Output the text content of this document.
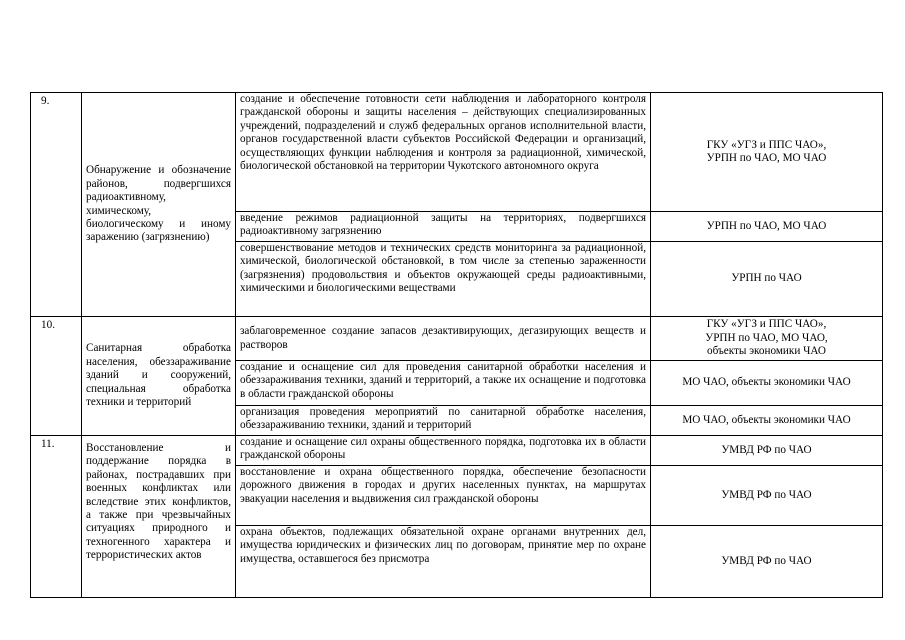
9.	Обнаружение и обозначение районов, подвергшихся радиоактивному, химическому, биологическому и иному заражению (загрязнению)	создание и обеспечение готовности сети наблюдения и лабораторного контроля гражданской обороны и защиты населения – действующих специализированных учреждений, подразделений и служб федеральных органов исполнительной власти, органов государственной власти субъектов Российской Федерации и организаций, осуществляющих функции наблюдения и контроля за радиационной, химической, биологической обстановкой на территории Чукотского автономного округа	ГКУ «УГЗ и ППС ЧАО»,
УРПН по ЧАО, МО ЧАО
		введение режимов радиационной защиты на территориях, подвергшихся радиоактивному загрязнению	УРПН по ЧАО, МО ЧАО
		совершенствование методов и технических средств мониторинга за радиационной, химической, биологической обстановкой, в том числе за степенью зараженности (загрязнения) продовольствия и объектов окружающей среды радиоактивными, химическими и биологическими веществами	УРПН по ЧАО
10.	Санитарная обработка населения, обеззараживание зданий и сооружений, специальная обработка техники и территорий	заблаговременное создание запасов дезактивирующих, дегазирующих веществ и растворов	ГКУ «УГЗ и ППС ЧАО»,
УРПН по ЧАО, МО ЧАО,
объекты экономики ЧАО
		создание и оснащение сил для проведения санитарной обработки населения и обеззараживания техники, зданий и территорий, а также их оснащение и подготовка в области гражданской обороны	МО ЧАО, объекты экономики ЧАО
		организация проведения мероприятий по санитарной обработке населения, обеззараживанию техники, зданий и территорий	МО ЧАО, объекты экономики ЧАО
11.	Восстановление и поддержание порядка в районах, пострадавших при военных конфликтах или вследствие этих конфликтов, а также при чрезвычайных ситуациях природного и техногенного характера и террористических актов	создание и оснащение сил охраны общественного порядка, подготовка их в области гражданской обороны	УМВД РФ по ЧАО
		восстановление и охрана общественного порядка, обеспечение безопасности дорожного движения в городах и других населенных пунктах, на маршрутах эвакуации населения и выдвижения сил гражданской обороны	УМВД РФ по ЧАО
		охрана объектов, подлежащих обязательной охране органами внутренних дел, имущества юридических и физических лиц по договорам, принятие мер по охране имущества, оставшегося без присмотра	УМВД РФ по ЧАО
